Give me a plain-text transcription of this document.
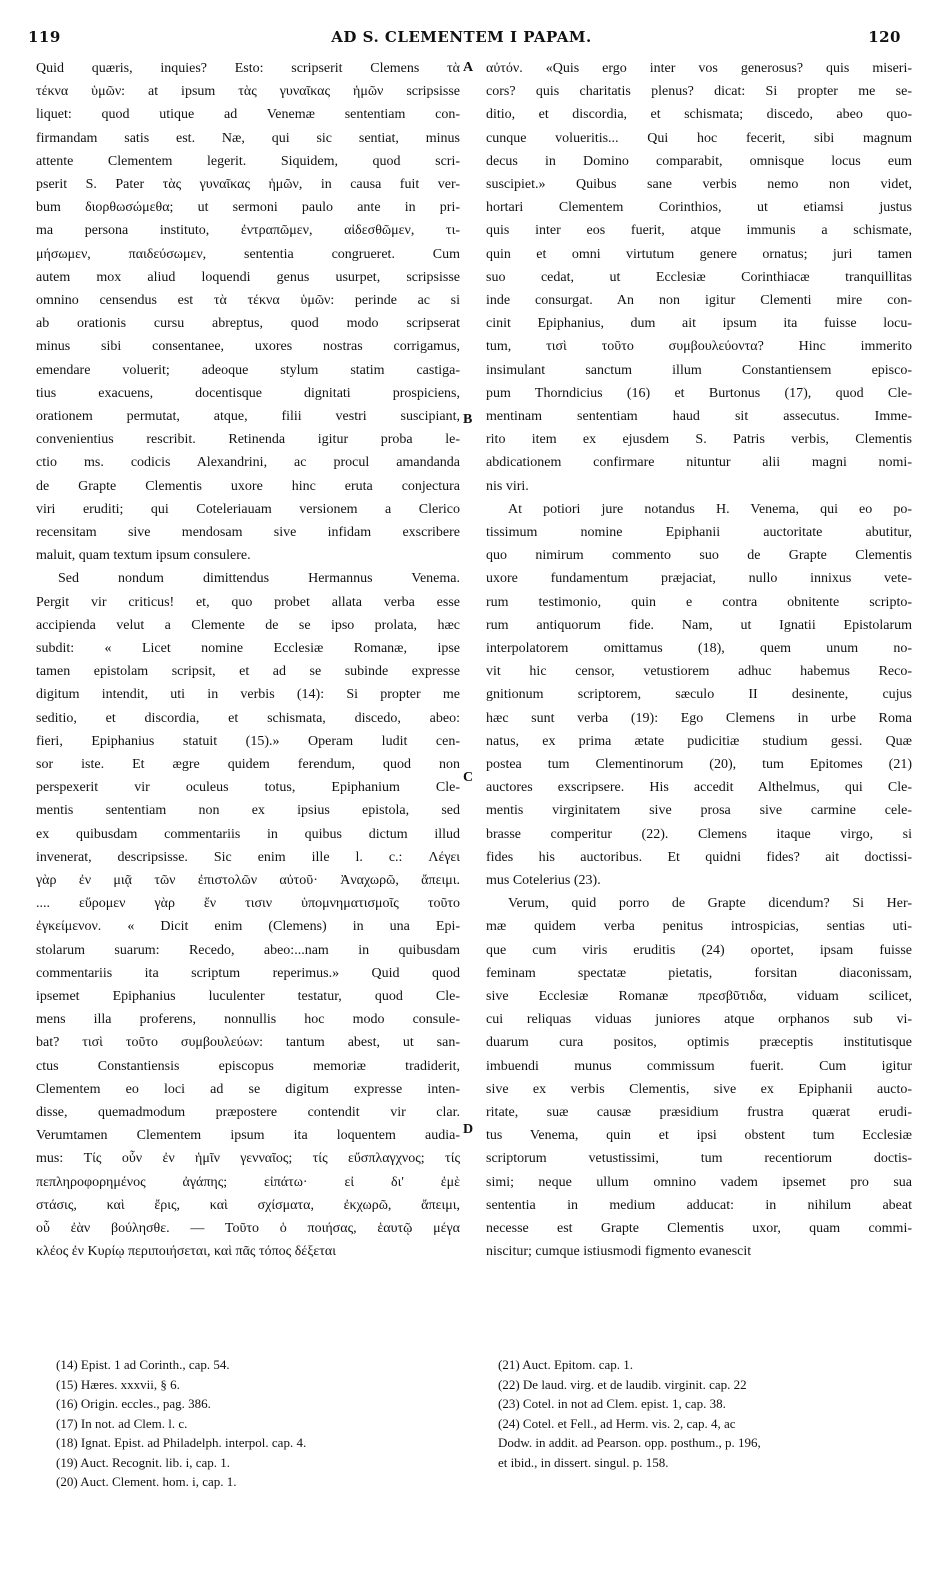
119	AD S. CLEMENTEM I PAPAM.	120
Quid quæris, inquies? Esto: scripserit Clemens τὰ
τέκνα ὑμῶν: at ipsum τὰς γυναῖκας ἡμῶν scripsisse
liquet: quod utique ad Venemæ sententiam con-
firmandam satis est. Næ, qui sic sentiat, minus
attente Clementem legerit. Siquidem, quod scri-
pserit S. Pater τὰς γυναῖκας ἡμῶν, in causa fuit ver-
bum διορθωσώμεθα; ut sermoni paulo ante in pri-
ma persona instituto, ἐντραπῶμεν, αἰδεσθῶμεν, τι-
μήσωμεν, παιδεύσωμεν, sententia congrueret. Cum
autem mox aliud loquendi genus usurpet, scripsisse
omnino censendus est τὰ τέκνα ὑμῶν: perinde ac si
ab orationis cursu abreptus, quod modo scripserat
minus sibi consentanee, uxores nostras corrigamus,
emendare voluerit; adeoque stylum statim castiga-
tius exacuens, docentisque dignitati prospiciens,
orationem permutat, atque, filii vestri suscipiant,
convenientius rescribit. Retinenda igitur proba le-
ctio ms. codicis Alexandrini, ac procul amandanda
de Grapte Clementis uxore hinc eruta conjectura
viri eruditi; qui Coteleriauam versionem a Clerico
recensitam sive mendosam sive infidam exscribere
maluit, quam textum ipsum consulere.
Sed nondum dimittendus Hermannus Venema.
Pergit vir criticus! et, quo probet allata verba esse
accipienda velut a Clemente de se ipso prolata, hæc
subdit: « Licet nomine Ecclesiæ Romanæ, ipse
tamen epistolam scripsit, et ad se subinde expresse
digitum intendit, uti in verbis (14): Si propter me
seditio, et discordia, et schismata, discedo, abeo:
fieri, Epiphanius statuit (15).» Operam ludit cen-
sor iste. Et ægre quidem ferendum, quod non
perspexerit vir oculeus totus, Epiphanium Cle-
mentis sententiam non ex ipsius epistola, sed
ex quibusdam commentariis in quibus dictum illud
invenerat, descripsisse. Sic enim ille l. c.: Λέγει
γὰρ ἐν μιᾷ τῶν ἐπιστολῶν αὐτοῦ· Ἀναχωρῶ, ἄπειμι.
.... εὕρομεν γὰρ ἔν τισιν ὑπομνηματισμοῖς τοῦτο
ἐγκείμενον. « Dicit enim (Clemens) in una Epi-
stolarum suarum: Recedo, abeo:...nam in quibusdam
commentariis ita scriptum reperimus.» Quid quod
ipsemet Epiphanius luculenter testatur, quod Cle-
mens illa proferens, nonnullis hoc modo consule-
bat? τισὶ τοῦτο συμβουλεύων: tantum abest, ut san-
ctus Constantiensis episcopus memoriæ tradiderit,
Clementem eo loci ad se digitum expresse inten-
disse, quemadmodum præpostere contendit vir clar.
Verumtamen Clementem ipsum ita loquentem audia-
mus: Τίς οὖν ἐν ἡμῖν γενναῖος; τίς εὔσπλαγχνος; τίς
πεπληροφορημένος ἀγάπης; εἰπάτω· εἰ δι' ἐμὲ
στάσις, καὶ ἔρις, καὶ σχίσματα, ἐκχωρῶ, ἄπειμι,
οὗ ἐὰν βούλησθε. — Τοῦτο ὁ ποιήσας, ἑαυτῷ μέγα
κλέος ἐν Κυρίῳ περιποιήσεται, καὶ πᾶς τόπος δέξεται
αὐτόν. «Quis ergo inter vos generosus? quis miseri-
cors? quis charitatis plenus? dicat: Si propter me se-
ditio, et discordia, et schismata; discedo, abeo quo-
cunque volueritis... Qui hoc fecerit, sibi magnum
decus in Domino comparabit, omnisque locus eum
suscipiet.» Quibus sane verbis nemo non videt,
hortari Clementem Corinthios, ut etiamsi justus
quis inter eos fuerit, atque immunis a schismate,
quin et omni virtutum genere ornatus; juri tamen
suo cedat, ut Ecclesiæ Corinthiacæ tranquillitas
inde consurgat. An non igitur Clementi mire con-
cinit Epiphanius, dum ait ipsum ita fuisse locu-
tum, τισὶ τοῦτο συμβουλεύοντα? Hinc immerito
insimulant sanctum illum Constantiensem episco-
pum Thorndicius (16) et Burtonus (17), quod Cle-
mentinam sententiam haud sit assecutus. Imme-
rito item ex ejusdem S. Patris verbis, Clementis
abdicationem confirmare nituntur alii magni nomi-
nis viri.
At potiori jure notandus H. Venema, qui eo po-
tissimum nomine Epiphanii auctoritate abutitur,
quo nimirum commento suo de Grapte Clementis
uxore fundamentum præjaciat, nullo innixus vete-
rum testimonio, quin e contra obnitente scripto-
rum antiquorum fide. Nam, ut Ignatii Epistolarum
interpolatorem omittamus (18), quem unum no-
vit hic censor, vetustiorem adhuc habemus Reco-
gnitionum scriptorem, sæculo II desinente, cujus
hæc sunt verba (19): Ego Clemens in urbe Roma
natus, ex prima ætate pudicitiæ studium gessi. Quæ
postea tum Clementinorum (20), tum Epitomes (21)
auctores exscripsere. His accedit Althelmus, qui Cle-
mentis virginitatem sive prosa sive carmine cele-
brasse comperitur (22). Clemens itaque virgo, si
fides his auctoribus. Et quidni fides? ait doctissi-
mus Cotelerius (23).
Verum, quid porro de Grapte dicendum? Si Her-
mæ quidem verba penitus introspicias, sentias uti-
que cum viris eruditis (24) oportet, ipsam fuisse
feminam spectatæ pietatis, forsitan diaconissam,
sive Ecclesiæ Romanæ πρεσβῦτιδα, viduam scilicet,
cui reliquas viduas juniores atque orphanos sub vi-
duarum cura positos, optimis præceptis institutisque
imbuendi munus commissum fuerit. Cum igitur
sive ex verbis Clementis, sive ex Epiphanii aucto-
ritate, suæ causæ præsidium frustra quærat erudi-
tus Venema, quin et ipsi obstent tum Ecclesiæ
scriptorum vetustissimi, tum recentiorum doctis-
simi; neque ullum omnino vadem ipsemet pro sua
sententia in medium adducat: in nihilum abeat
necesse est Grapte Clementis uxor, quam commi-
niscitur; cumque istiusmodi figmento evanescit
A
B
C
D
(14) Epist. 1 ad Corinth., cap. 54.
(15) Hæres. xxxvii, § 6.
(16) Origin. eccles., pag. 386.
(17) In not. ad Clem. l. c.
(18) Ignat. Epist. ad Philadelph. interpol. cap. 4.
(19) Auct. Recognit. lib. i, cap. 1.
(20) Auct. Clement. hom. i, cap. 1.
(21) Auct. Epitom. cap. 1.
(22) De laud. virg. et de laudib. virginit. cap. 22
(23) Cotel. in not ad Clem. epist. 1, cap. 38.
(24) Cotel. et Fell., ad Herm. vis. 2, cap. 4, ac
Dodw. in addit. ad Pearson. opp. posthum., p. 196,
et ibid., in dissert. singul. p. 158.
